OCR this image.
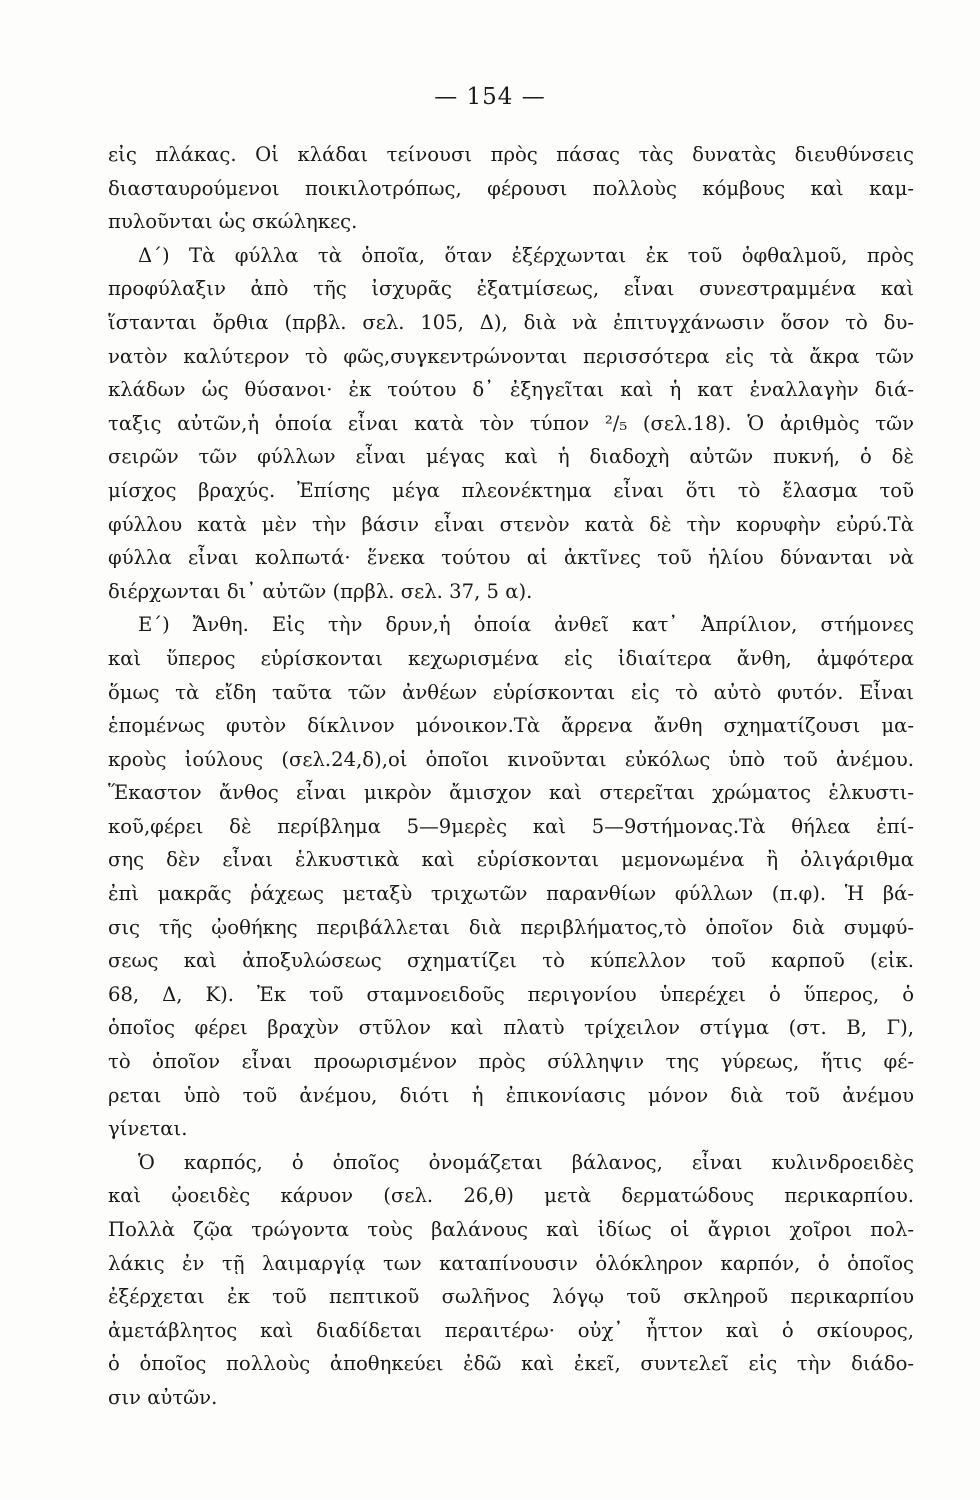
— 154 —
εἰς πλάκας. Οἱ κλάδαι τείνουσι πρὸς πάσας τὰς δυνατὰς διευθύνσεις
διασταυρούμενοι ποικιλοτρόπως, φέρουσι πολλοὺς κόμβους καὶ καμ-
πυλοῦνται ὡς σκώληκες.
Δ΄) Τὰ φύλλα τὰ ὁποῖα, ὅταν ἐξέρχωνται ἐκ τοῦ ὀφθαλμοῦ, πρὸς
προφύλαξιν ἀπὸ τῆς ἰσχυρᾶς ἐξατμίσεως, εἶναι συνεστραμμένα καὶ
ἵστανται ὄρθια (πρβλ. σελ. 105, Δ), διὰ νὰ ἐπιτυγχάνωσιν ὅσον τὸ δυ-
νατὸν καλύτερον τὸ φῶς,συγκεντρώνονται περισσότερα εἰς τὰ ἄκρα τῶν
κλάδων ὡς θύσανοι· ἐκ τούτου δ᾽ ἐξηγεῖται καὶ ἡ κατ ἐναλλαγὴν διά-
ταξις αὐτῶν,ἡ ὁποία εἶναι κατὰ τὸν τύπον ²/₅ (σελ.18). Ὁ ἀριθμὸς τῶν
σειρῶν τῶν φύλλων εἶναι μέγας καὶ ἡ διαδοχὴ αὐτῶν πυκνή, ὁ δὲ
μίσχος βραχύς. Ἐπίσης μέγα πλεονέκτημα εἶναι ὅτι τὸ ἔλασμα τοῦ
φύλλου κατὰ μὲν τὴν βάσιν εἶναι στενὸν κατὰ δὲ τὴν κορυφὴν εὐρύ.Τὰ
φύλλα εἶναι κολπωτά· ἕνεκα τούτου αἱ ἀκτῖνες τοῦ ἡλίου δύνανται νὰ
διέρχωνται δι᾽ αὐτῶν (πρβλ. σελ. 37, 5 α).
Ε΄) Ἄνθη. Εἰς τὴν δρυν,ἡ ὁποία ἀνθεῖ κατ᾽ Ἀπρίλιον, στήμονες
καὶ ὕπερος εὑρίσκονται κεχωρισμένα εἰς ἰδιαίτερα ἄνθη, ἀμφότερα
ὅμως τὰ εἴδη ταῦτα τῶν ἀνθέων εὑρίσκονται εἰς τὸ αὐτὸ φυτόν. Εἶναι
ἑπομένως φυτὸν δίκλινον μόνοικον.Τὰ ἄρρενα ἄνθη σχηματίζουσι μα-
κροὺς ἰούλους (σελ.24,δ),οἱ ὁποῖοι κινοῦνται εὐκόλως ὑπὸ τοῦ ἀνέμου.
Ἕκαστον ἄνθος εἶναι μικρὸν ἄμισχον καὶ στερεῖται χρώματος ἑλκυστι-
κοῦ,φέρει δὲ περίβλημα 5—9μερὲς καὶ 5—9στήμονας.Τὰ θήλεα ἐπί-
σης δὲν εἶναι ἑλκυστικὰ καὶ εὑρίσκονται μεμονωμένα ἢ ὀλιγάριθμα
ἐπὶ μακρᾶς ῥάχεως μεταξὺ τριχωτῶν παρανθίων φύλλων (π.φ). Ἡ βά-
σις τῆς ᾠοθήκης περιβάλλεται διὰ περιβλήματος,τὸ ὁποῖον διὰ συμφύ-
σεως καὶ ἀποξυλώσεως σχηματίζει τὸ κύπελλον τοῦ καρποῦ (εἰκ.
68, Δ, Κ). Ἐκ τοῦ σταμνοειδοῦς περιγονίου ὑπερέχει ὁ ὕπερος, ὁ
ὁποῖος φέρει βραχὺν στῦλον καὶ πλατὺ τρίχειλον στίγμα (στ. Β, Γ),
τὸ ὁποῖον εἶναι προωρισμένον πρὸς σύλληψιν της γύρεως, ἥτις φέ-
ρεται ὑπὸ τοῦ ἀνέμου, διότι ἡ ἐπικονίασις μόνον διὰ τοῦ ἀνέμου
γίνεται.
Ὁ καρπός, ὁ ὁποῖος ὀνομάζεται βάλανος, εἶναι κυλινδροειδὲς
καὶ ᾠοειδὲς κάρυον (σελ. 26,θ) μετὰ δερματώδους περικαρπίου.
Πολλὰ ζῷα τρώγοντα τοὺς βαλάνους καὶ ἰδίως οἱ ἄγριοι χοῖροι πολ-
λάκις ἐν τῇ λαιμαργίᾳ των καταπίνουσιν ὁλόκληρον καρπόν, ὁ ὁποῖος
ἐξέρχεται ἐκ τοῦ πεπτικοῦ σωλῆνος λόγῳ τοῦ σκληροῦ περικαρπίου
ἀμετάβλητος καὶ διαδίδεται περαιτέρω· οὐχ᾽ ἧττον καὶ ὁ σκίουρος,
ὁ ὁποῖος πολλοὺς ἀποθηκεύει ἐδῶ καὶ ἐκεῖ, συντελεῖ εἰς τὴν διάδο-
σιν αὐτῶν.
